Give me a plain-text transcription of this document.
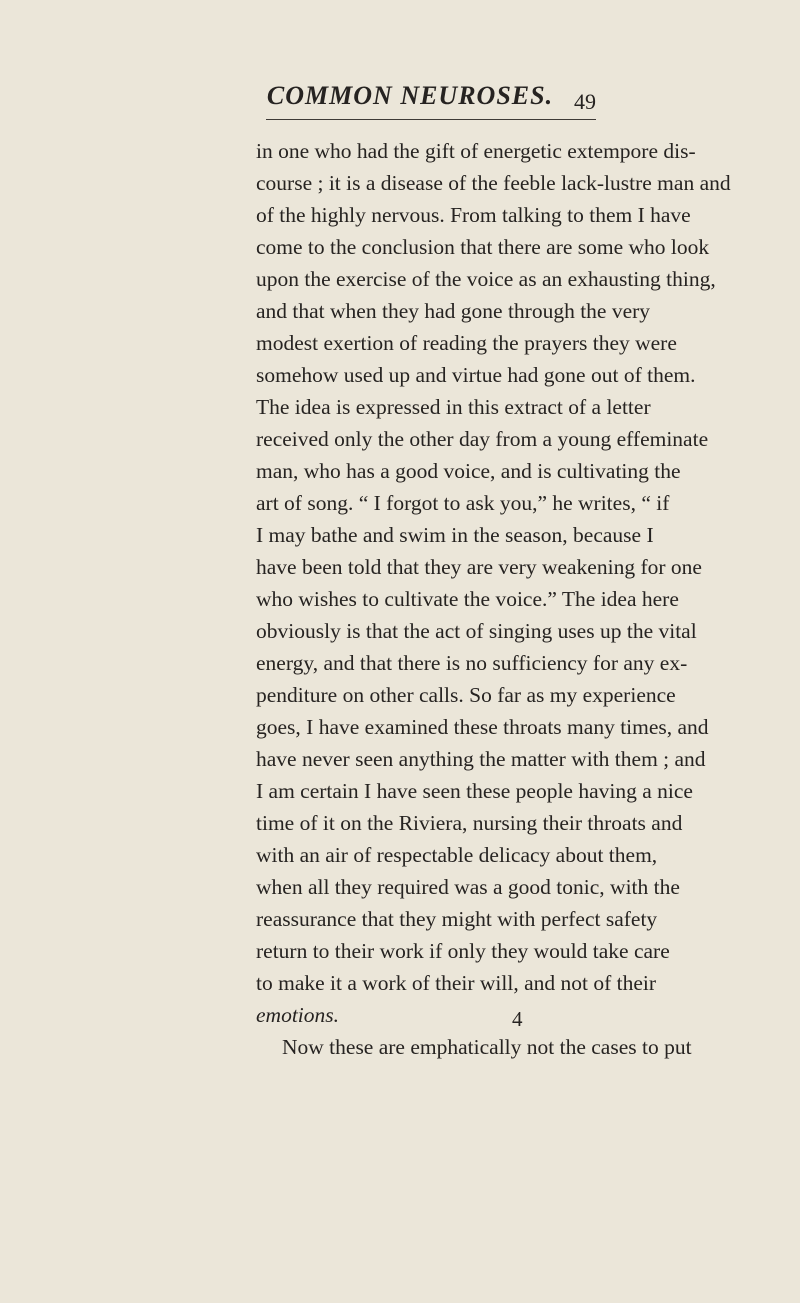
COMMON NEUROSES. 49
in one who had the gift of energetic extempore dis-
course ; it is a disease of the feeble lack-lustre man and
of the highly nervous. From talking to them I have
come to the conclusion that there are some who look
upon the exercise of the voice as an exhausting thing,
and that when they had gone through the very
modest exertion of reading the prayers they were
somehow used up and virtue had gone out of them.
The idea is expressed in this extract of a letter
received only the other day from a young effeminate
man, who has a good voice, and is cultivating the
art of song. “ I forgot to ask you,” he writes, “ if
I may bathe and swim in the season, because I
have been told that they are very weakening for one
who wishes to cultivate the voice.” The idea here
obviously is that the act of singing uses up the vital
energy, and that there is no sufficiency for any ex-
penditure on other calls. So far as my experience
goes, I have examined these throats many times, and
have never seen anything the matter with them ; and
I am certain I have seen these people having a nice
time of it on the Riviera, nursing their throats and
with an air of respectable delicacy about them,
when all they required was a good tonic, with the
reassurance that they might with perfect safety
return to their work if only they would take care
to make it a work of their will, and not of their
emotions.
Now these are emphatically not the cases to put
4
